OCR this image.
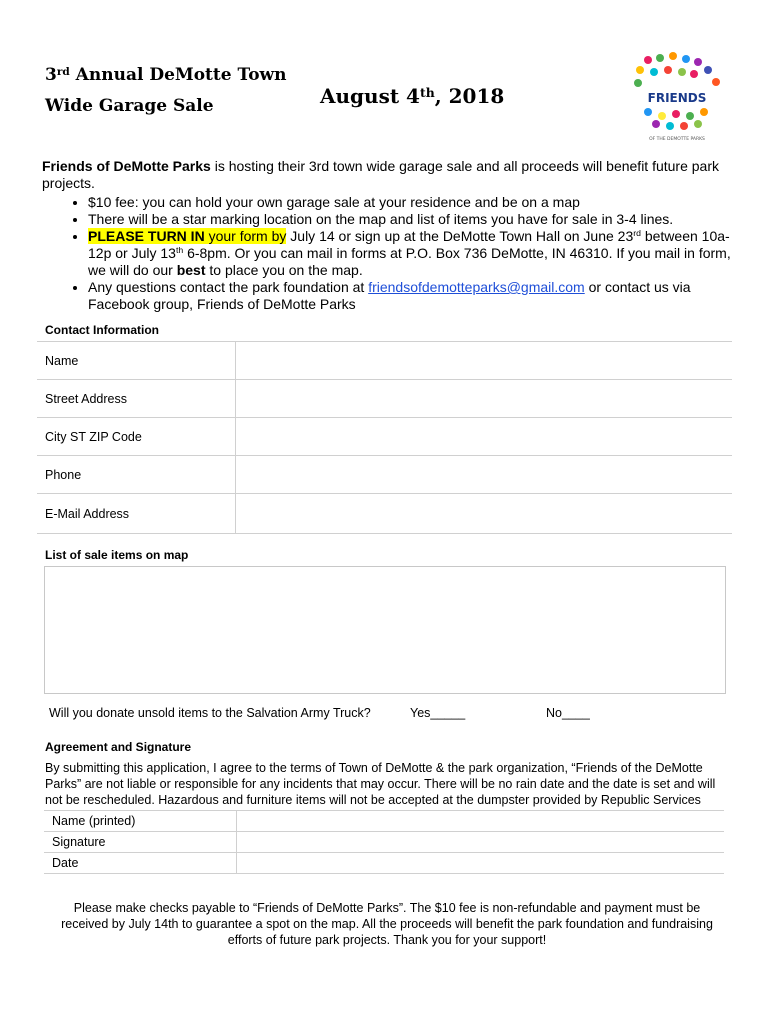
3rd Annual DeMotte Town
Wide Garage Sale	August 4th, 2018	FRIENDS
OF THE DEMOTTE PARKS
Friends of DeMotte Parks is hosting their 3rd town wide garage sale and all proceeds will benefit future park projects.
• $10 fee: you can hold your own garage sale at your residence and be on a map
• There will be a star marking location on the map and list of items you have for sale in 3-4 lines.
• PLEASE TURN IN your form by July 14 or sign up at the DeMotte Town Hall on June 23rd between 10a-12p or July 13th 6-8pm. Or you can mail in forms at P.O. Box 736 DeMotte, IN 46310. If you mail in form, we will do our best to place you on the map.
• Any questions contact the park foundation at friendsofdemotteparks@gmail.com or contact us via Facebook group, Friends of DeMotte Parks
Contact Information
Name	
Street Address	
City ST ZIP Code	
Phone	
E-Mail Address	
List of sale items on map
Will you donate unsold items to the Salvation Army Truck?	Yes_____	No____
Agreement and Signature
By submitting this application, I agree to the terms of Town of DeMotte & the park organization, “Friends of the DeMotte Parks” are not liable or responsible for any incidents that may occur. There will be no rain date and the date is set and will not be rescheduled. Hazardous and furniture items will not be accepted at the dumpster provided by Republic Services
Name (printed)	
Signature	
Date	
Please make checks payable to “Friends of DeMotte Parks”. The $10 fee is non-refundable and payment must be received by July 14th to guarantee a spot on the map. All the proceeds will benefit the park foundation and fundraising efforts of future park projects. Thank you for your support!
